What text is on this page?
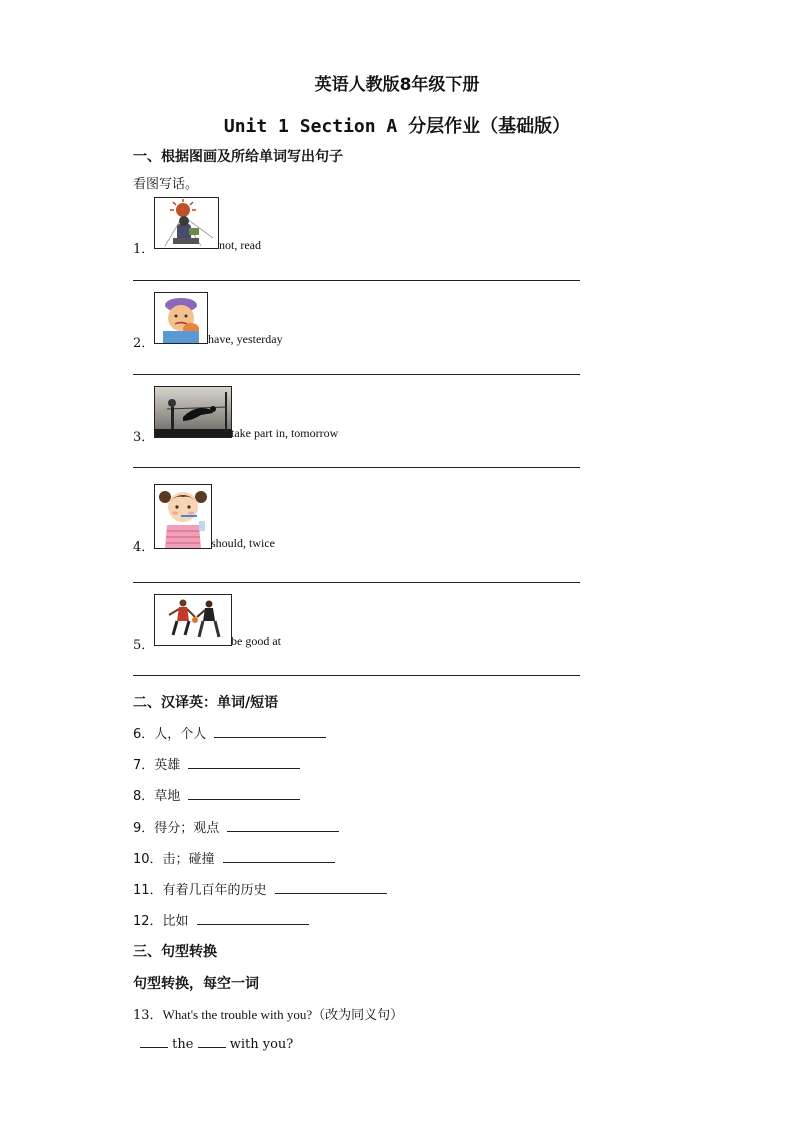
英语人教版8年级下册
Unit 1 Section A 分层作业（基础版）
一、根据图画及所给单词写出句子
看图写话。
1．	not, read
2．	have, yesterday
3．	take part in, tomorrow
4．	should, twice
5．	be good at
二、汉译英：单词/短语
6．人，个人
7．英雄
8．草地
9．得分；观点
10．击；碰撞
11．有着几百年的历史
12．比如
三、句型转换
句型转换，每空一词
13．What's the trouble with you?（改为同义句）
the	with you?
